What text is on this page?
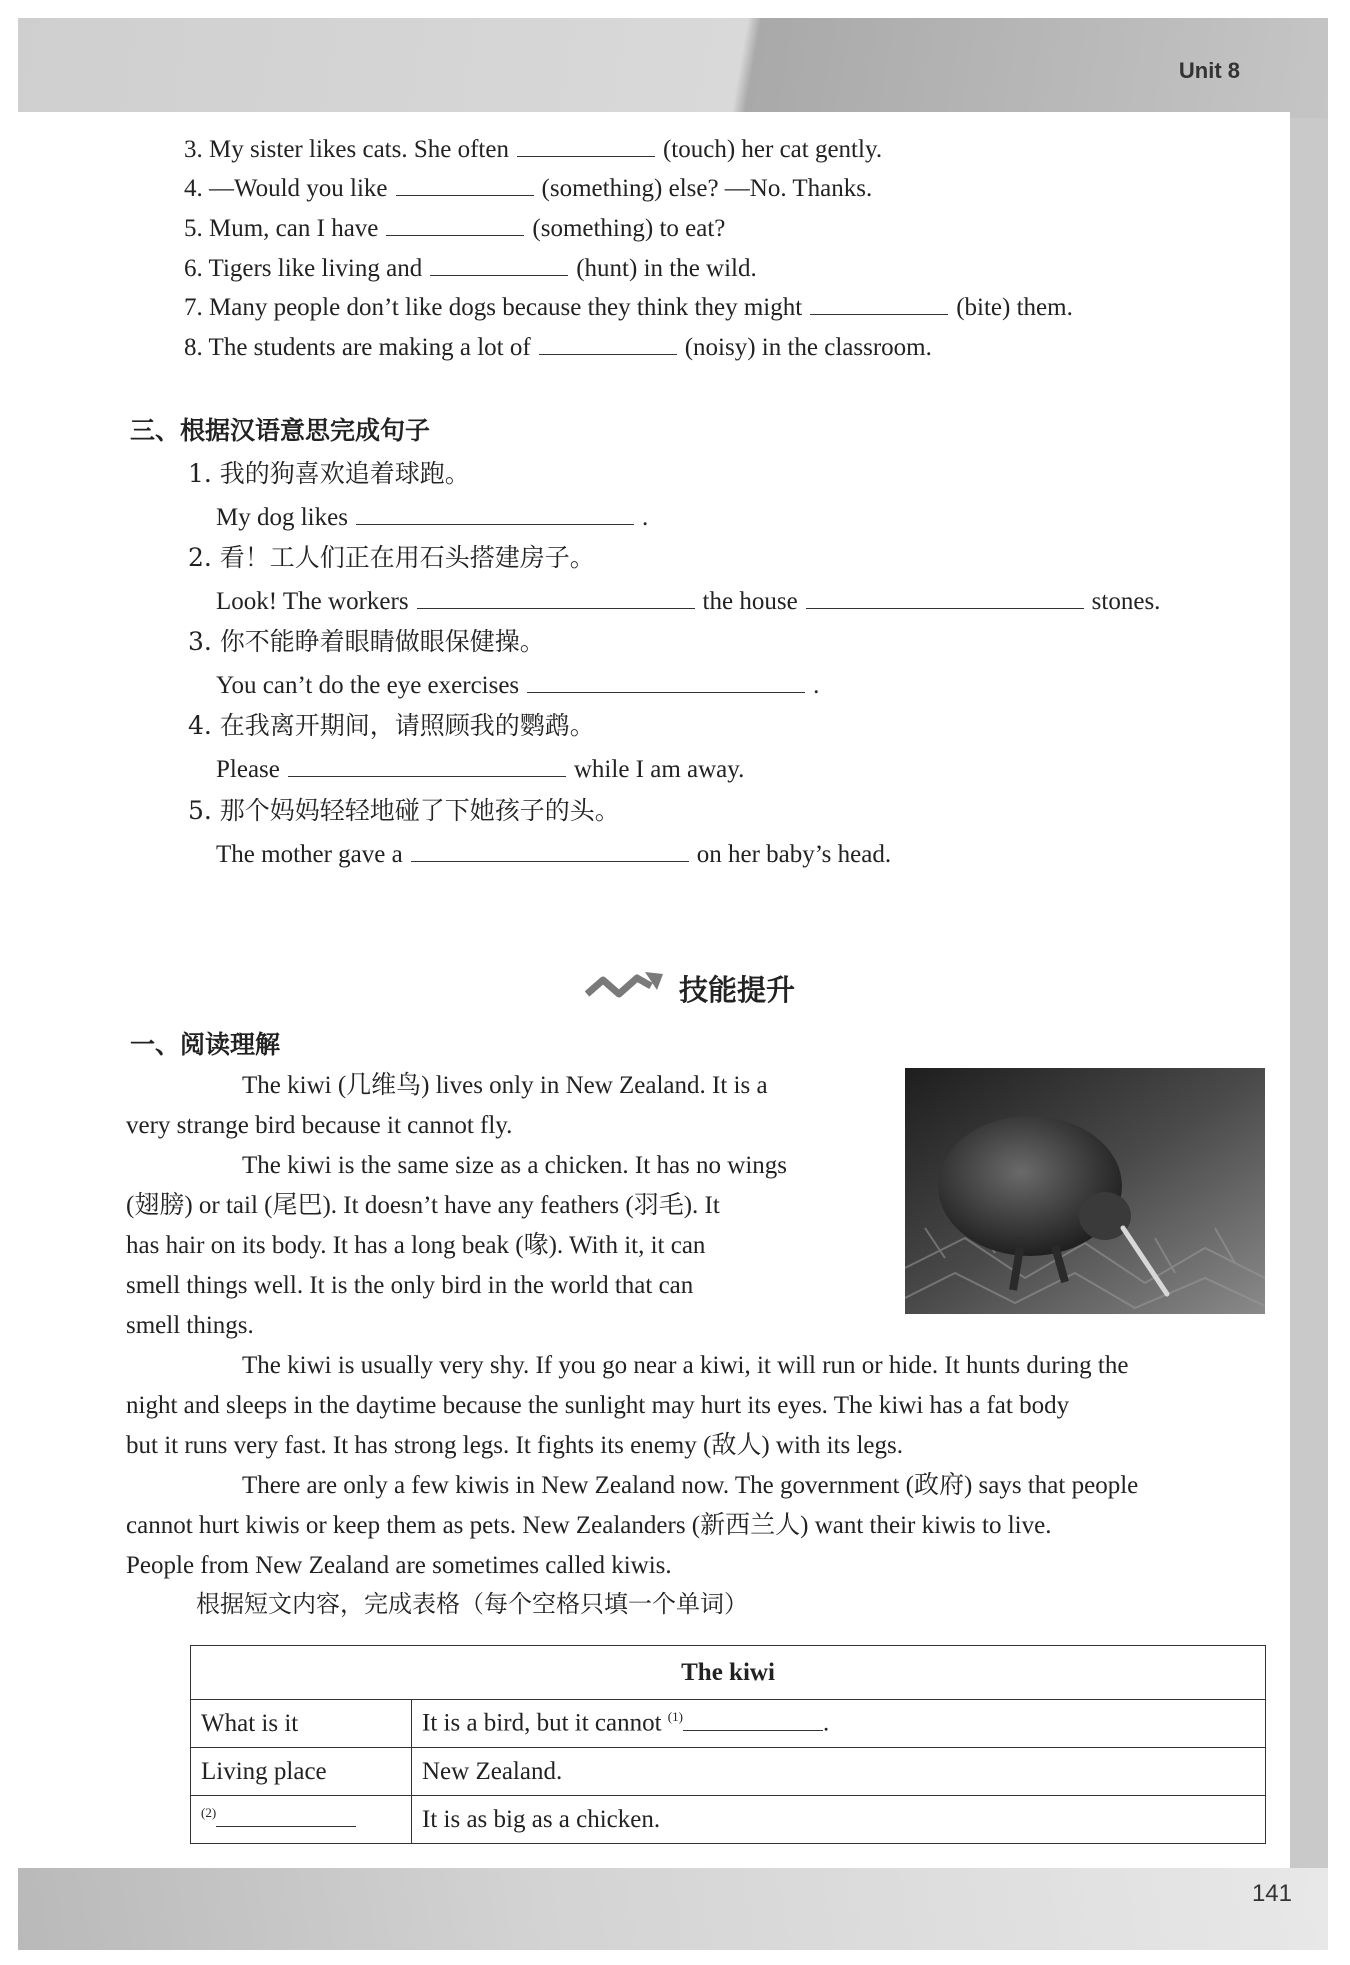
Unit 8
141
3. My sister likes cats. She often	(touch) her cat gently.
4. —Would you like	(something) else? —No. Thanks.
5. Mum, can I have	(something) to eat?
6. Tigers like living and	(hunt) in the wild.
7. Many people don’t like dogs because they think they might	(bite) them.
8. The students are making a lot of	(noisy) in the classroom.
三、根据汉语意思完成句子
1. 我的狗喜欢追着球跑。
My dog likes	.
2. 看！工人们正在用石头搭建房子。
Look! The workers	the house	stones.
3. 你不能睁着眼睛做眼保健操。
You can’t do the eye exercises	.
4. 在我离开期间，请照顾我的鹦鹉。
Please	while I am away.
5. 那个妈妈轻轻地碰了下她孩子的头。
The mother gave a	on her baby’s head.
技能提升
一、阅读理解
The kiwi (几维鸟) lives only in New Zealand. It is a
very strange bird because it cannot fly.
The kiwi is the same size as a chicken. It has no wings
(翅膀) or tail (尾巴). It doesn’t have any feathers (羽毛). It
has hair on its body. It has a long beak (喙). With it, it can
smell things well. It is the only bird in the world that can
smell things.
The kiwi is usually very shy. If you go near a kiwi, it will run or hide. It hunts during the
night and sleeps in the daytime because the sunlight may hurt its eyes. The kiwi has a fat body
but it runs very fast. It has strong legs. It fights its enemy (敌人) with its legs.
There are only a few kiwis in New Zealand now. The government (政府) says that people
cannot hurt kiwis or keep them as pets. New Zealanders (新西兰人) want their kiwis to live.
People from New Zealand are sometimes called kiwis.
根据短文内容，完成表格（每个空格只填一个单词）
The kiwi	
What is it	It is a bird, but it cannot $^{(1)}$ .
Living place	New Zealand.
$^{(2)}$	It is as big as a chicken.
